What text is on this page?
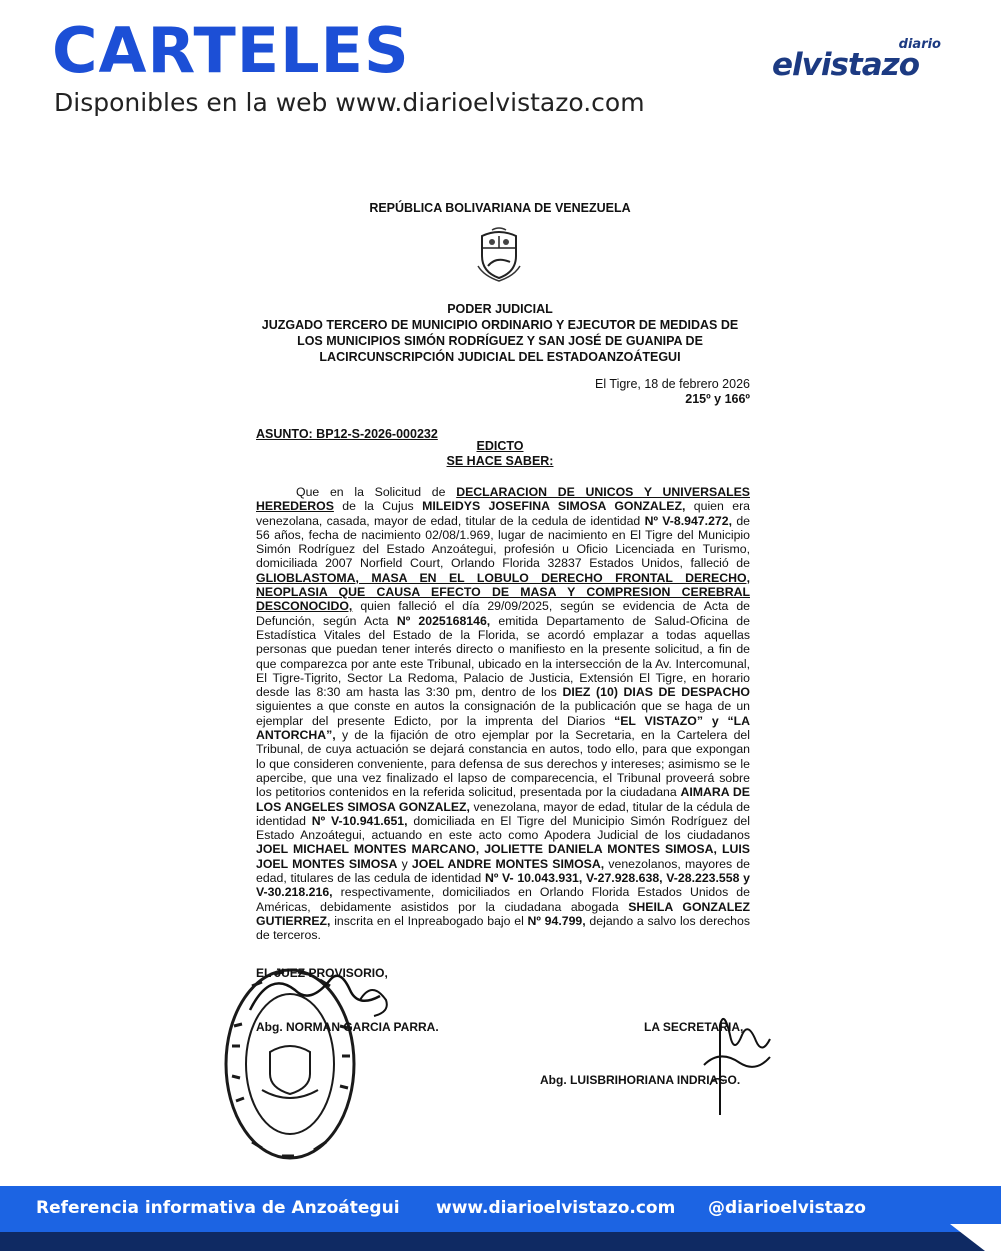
CARTELES

Disponibles en la web www.diarioelvistazo.com

diario
elvistazo
REPÚBLICA BOLIVARIANA DE VENEZUELA
PODER JUDICIAL
JUZGADO TERCERO DE MUNICIPIO ORDINARIO Y EJECUTOR DE MEDIDAS DE
LOS MUNICIPIOS SIMÓN RODRÍGUEZ Y SAN JOSÉ DE GUANIPA DE
LACIRCUNSCRIPCIÓN JUDICIAL DEL ESTADOANZOÁTEGUI
El Tigre, 18 de febrero 2026
215º y 166º
ASUNTO: BP12-S-2026-000232
EDICTO
SE HACE SABER:

Que en la Solicitud de DECLARACION DE UNICOS Y UNIVERSALES HEREDEROS de la Cujus MILEIDYS JOSEFINA SIMOSA GONZALEZ, quien era venezolana, casada, mayor de edad, titular de la cedula de identidad Nº V-8.947.272, de 56 años, fecha de nacimiento 02/08/1.969, lugar de nacimiento en El Tigre del Municipio Simón Rodríguez del Estado Anzoátegui, profesión u Oficio Licenciada en Turismo, domiciliada 2007 Norfield Court, Orlando Florida 32837 Estados Unidos, falleció de GLIOBLASTOMA, MASA EN EL LOBULO DERECHO FRONTAL DERECHO, NEOPLASIA QUE CAUSA EFECTO DE MASA Y COMPRESION CEREBRAL DESCONOCIDO, quien falleció el día 29/09/2025, según se evidencia de Acta de Defunción, según Acta Nº 2025168146, emitida Departamento de Salud-Oficina de Estadística Vitales del Estado de la Florida, se acordó emplazar a todas aquellas personas que puedan tener interés directo o manifiesto en la presente solicitud, a fin de que comparezca por ante este Tribunal, ubicado en la intersección de la Av. Intercomunal, El Tigre-Tigrito, Sector La Redoma, Palacio de Justicia, Extensión El Tigre, en horario desde las 8:30 am hasta las 3:30 pm, dentro de los DIEZ (10) DIAS DE DESPACHO siguientes a que conste en autos la consignación de la publicación que se haga de un ejemplar del presente Edicto, por la imprenta del Diarios “EL VISTAZO” y “LA ANTORCHA”, y de la fijación de otro ejemplar por la Secretaria, en la Cartelera del Tribunal, de cuya actuación se dejará constancia en autos, todo ello, para que expongan lo que consideren conveniente, para defensa de sus derechos y intereses; asimismo se le apercibe, que una vez finalizado el lapso de comparecencia, el Tribunal proveerá sobre los petitorios contenidos en la referida solicitud, presentada por la ciudadana AIMARA DE LOS ANGELES SIMOSA GONZALEZ, venezolana, mayor de edad, titular de la cédula de identidad Nº V-10.941.651, domiciliada en El Tigre del Municipio Simón Rodríguez del Estado Anzoátegui, actuando en este acto como Apodera Judicial de los ciudadanos JOEL MICHAEL MONTES MARCANO, JOLIETTE DANIELA MONTES SIMOSA, LUIS JOEL MONTES SIMOSA y JOEL ANDRE MONTES SIMOSA, venezolanos, mayores de edad, titulares de las cedula de identidad Nº V- 10.043.931, V-27.928.638, V-28.223.558 y V-30.218.216, respectivamente, domiciliados en Orlando Florida Estados Unidos de Américas, debidamente asistidos por la ciudadana abogada SHEILA GONZALEZ GUTIERREZ, inscrita en el Inpreabogado bajo el Nº 94.799, dejando a salvo los derechos de terceros.

EL JUEZ PROVISORIO,
Abg. NORMAN GARCIA PARRA.	LA SECRETARIA,
Abg. LUISBRIHORIANA INDRIAGO.
Referencia informativa de Anzoátegui www.diarioelvistazo.com @diarioelvistazo
